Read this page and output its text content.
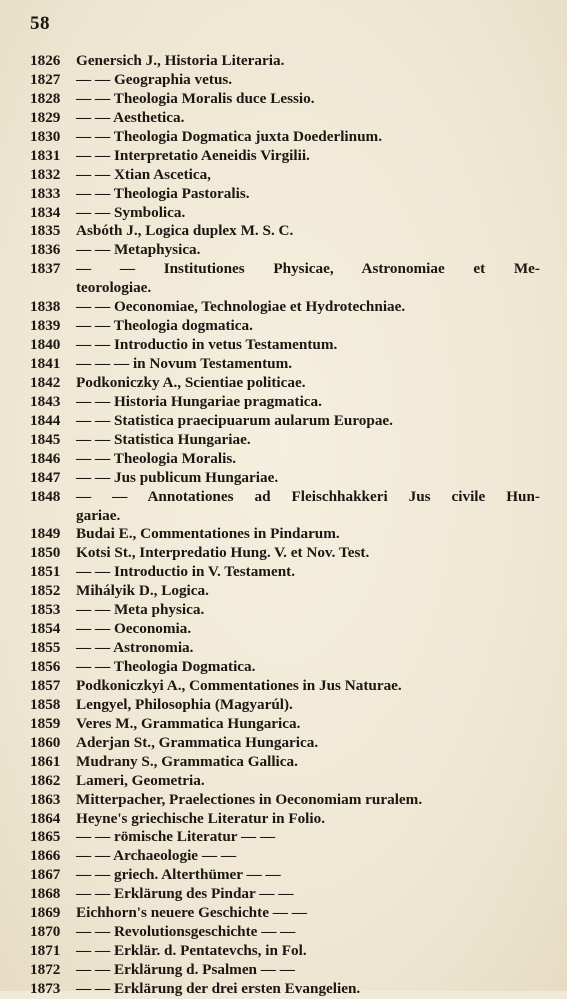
58
1826	Genersich J., Historia Literaria.
1827	— — Geographia vetus.
1828	— — Theologia Moralis duce Lessio.
1829	— — Aesthetica.
1830	— — Theologia Dogmatica juxta Doederlinum.
1831	— — Interpretatio Aeneidis Virgilii.
1832	— — Xtian Ascetica,
1833	— — Theologia Pastoralis.
1834	— — Symbolica.
1835	Asbóth J., Logica duplex M. S. C.
1836	— — Metaphysica.
1837	— — Institutiones Physicae, Astronomiae et Me-
teorologiae.
1838	— — Oeconomiae, Technologiae et Hydrotechniae.
1839	— — Theologia dogmatica.
1840	— — Introductio in vetus Testamentum.
1841	— — — in Novum Testamentum.
1842	Podkoniczky A., Scientiae politicae.
1843	— — Historia Hungariae pragmatica.
1844	— — Statistica praecipuarum aularum Europae.
1845	— — Statistica Hungariae.
1846	— — Theologia Moralis.
1847	— — Jus publicum Hungariae.
1848	— — Annotationes ad Fleischhakkeri Jus civile Hun-
gariae.
1849	Budai E., Commentationes in Pindarum.
1850	Kotsi St., Interpredatio Hung. V. et Nov. Test.
1851	— — Introductio in V. Testament.
1852	Mihályik D., Logica.
1853	— — Meta physica.
1854	— — Oeconomia.
1855	— — Astronomia.
1856	— — Theologia Dogmatica.
1857	Podkoniczkyi A., Commentationes in Jus Naturae.
1858	Lengyel, Philosophia (Magyarúl).
1859	Veres M., Grammatica Hungarica.
1860	Aderjan St., Grammatica Hungarica.
1861	Mudrany S., Grammatica Gallica.
1862	Lameri, Geometria.
1863	Mitterpacher, Praelectiones in Oeconomiam ruralem.
1864	Heyne's griechische Literatur in Folio.
1865	— — römische Literatur — —
1866	— — Archaeologie — —
1867	— — griech. Alterthümer — —
1868	— — Erklärung des Pindar — —
1869	Eichhorn's neuere Geschichte — —
1870	— — Revolutionsgeschichte — —
1871	— — Erklär. d. Pentatevchs, in Fol.
1872	— — Erklärung d. Psalmen — —
1873	— — Erklärung der drei ersten Evangelien.
